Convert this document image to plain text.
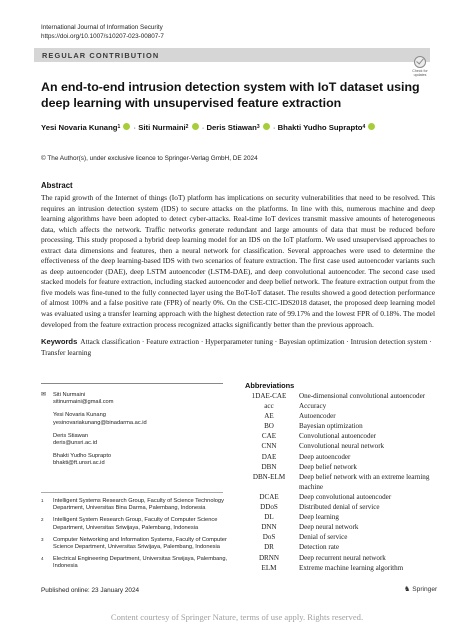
International Journal of Information Security
https://doi.org/10.1007/s10207-023-00807-7
REGULAR CONTRIBUTION
Check for
updates
An end-to-end intrusion detection system with IoT dataset using deep learning with unsupervised feature extraction
Yesi Novaria Kunang$^1$ · Siti Nurmaini$^2$ · Deris Stiawan$^3$ · Bhakti Yudho Suprapto$^4$
© The Author(s), under exclusive licence to Springer-Verlag GmbH, DE 2024
Abstract
The rapid growth of the Internet of things (IoT) platform has implications on security vulnerabilities that need to be resolved. This requires an intrusion detection system (IDS) to secure attacks on the platforms. In line with this, numerous machine and deep learning algorithms have been adopted to detect cyber-attacks. Real-time IoT devices transmit massive amounts of heterogeneous data, which affects the network. Traffic networks generate redundant and large amounts of data that must be reduced before processing. This study proposed a hybrid deep learning model for an IDS on the IoT platform. We used unsupervised approaches to extract data dimensions and features, then a neural network for classification. Several approaches were used to determine the effectiveness of the deep learning-based IDS with two scenarios of feature extraction. The first case used autoencoder variants such as deep autoencoder (DAE), deep LSTM autoencoder (LSTM-DAE), and deep convolutional autoencoder. The second case used stacked models for feature extraction, including stacked autoencoder and deep belief network. The feature extraction output from the five models was fine-tuned to the fully connected layer using the BoT-IoT dataset. The results showed a good detection performance of almost 100% and a false positive rate (FPR) of nearly 0%. On the CSE-CIC-IDS2018 dataset, the proposed deep learning model was evaluated using a transfer learning approach with the highest detection rate of 99.17% and the lowest FPR of 0.18%. The model developed from the feature extraction process recognized attacks significantly better than the previous approach.
Keywords Attack classification · Feature extraction · Hyperparameter tuning · Bayesian optimization · Intrusion detection system · Transfer learning
✉ Siti Nurmaini
sitinurmaini@gmail.com
Yesi Novaria Kunang
yesinovariakunang@binadarma.ac.id
Deris Stiawan
deris@unsri.ac.id
Bhakti Yudho Suprapto
bhakti@ft.unsri.ac.id
1 Intelligent Systems Research Group, Faculty of Science Technology Department, Universitas Bina Darma, Palembang, Indonesia
2 Intelligent System Research Group, Faculty of Computer Science Department, Universitas Sriwijaya, Palembang, Indonesia
3 Computer Networking and Information Systems, Faculty of Computer Science Department, Universitas Sriwijaya, Palembang, Indonesia
4 Electrical Engineering Department, Universitas Srwijaya, Palembang, Indonesia
Published online: 23 January 2024	♞ Springer
Abbreviations
1DAE-CAE	One-dimensional convolutional autoencoder
acc	Accuracy
AE	Autoencoder
BO	Bayesian optimization
CAE	Convolutional autoencoder
CNN	Convolutional neural network
DAE	Deep autoencoder
DBN	Deep belief network
DBN-ELM	Deep belief network with an extreme learning machine
DCAE	Deep convolutional autoencoder
DDoS	Distributed denial of service
DL	Deep learning
DNN	Deep neural network
DoS	Denial of service
DR	Detection rate
DRNN	Deep recurrent neural network
ELM	Extreme machine learning algorithm
Content courtesy of Springer Nature, terms of use apply. Rights reserved.
